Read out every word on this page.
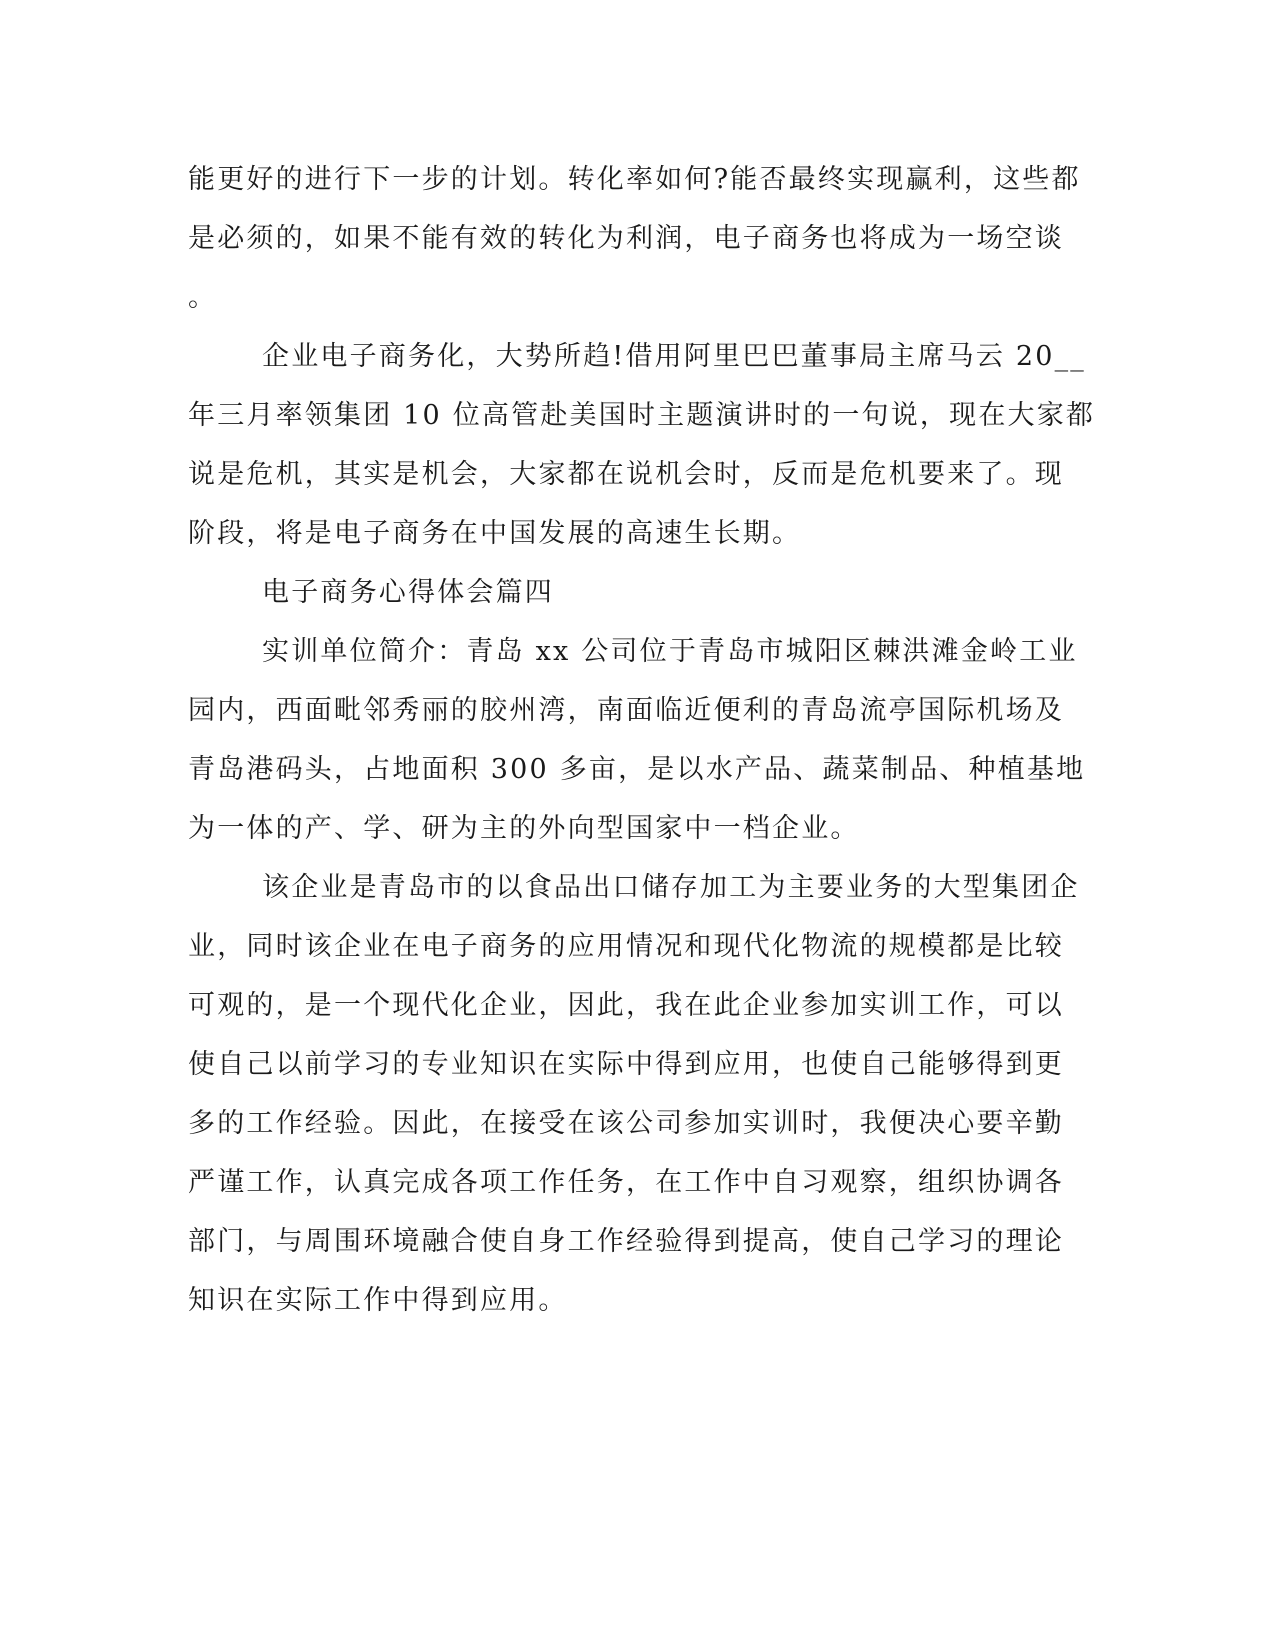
能更好的进行下一步的计划。转化率如何?能否最终实现赢利，这些都

是必须的，如果不能有效的转化为利润，电子商务也将成为一场空谈

。

企业电子商务化，大势所趋!借用阿里巴巴董事局主席马云 20__

年三月率领集团 10 位高管赴美国时主题演讲时的一句说，现在大家都

说是危机，其实是机会，大家都在说机会时，反而是危机要来了。现

阶段，将是电子商务在中国发展的高速生长期。

电子商务心得体会篇四

实训单位简介：青岛 xx 公司位于青岛市城阳区棘洪滩金岭工业

园内，西面毗邻秀丽的胶州湾，南面临近便利的青岛流亭国际机场及

青岛港码头，占地面积 300 多亩，是以水产品、蔬菜制品、种植基地

为一体的产、学、研为主的外向型国家中一档企业。

该企业是青岛市的以食品出口储存加工为主要业务的大型集团企

业，同时该企业在电子商务的应用情况和现代化物流的规模都是比较

可观的，是一个现代化企业，因此，我在此企业参加实训工作，可以

使自己以前学习的专业知识在实际中得到应用，也使自己能够得到更

多的工作经验。因此，在接受在该公司参加实训时，我便决心要辛勤

严谨工作，认真完成各项工作任务，在工作中自习观察，组织协调各

部门，与周围环境融合使自身工作经验得到提高，使自己学习的理论

知识在实际工作中得到应用。
